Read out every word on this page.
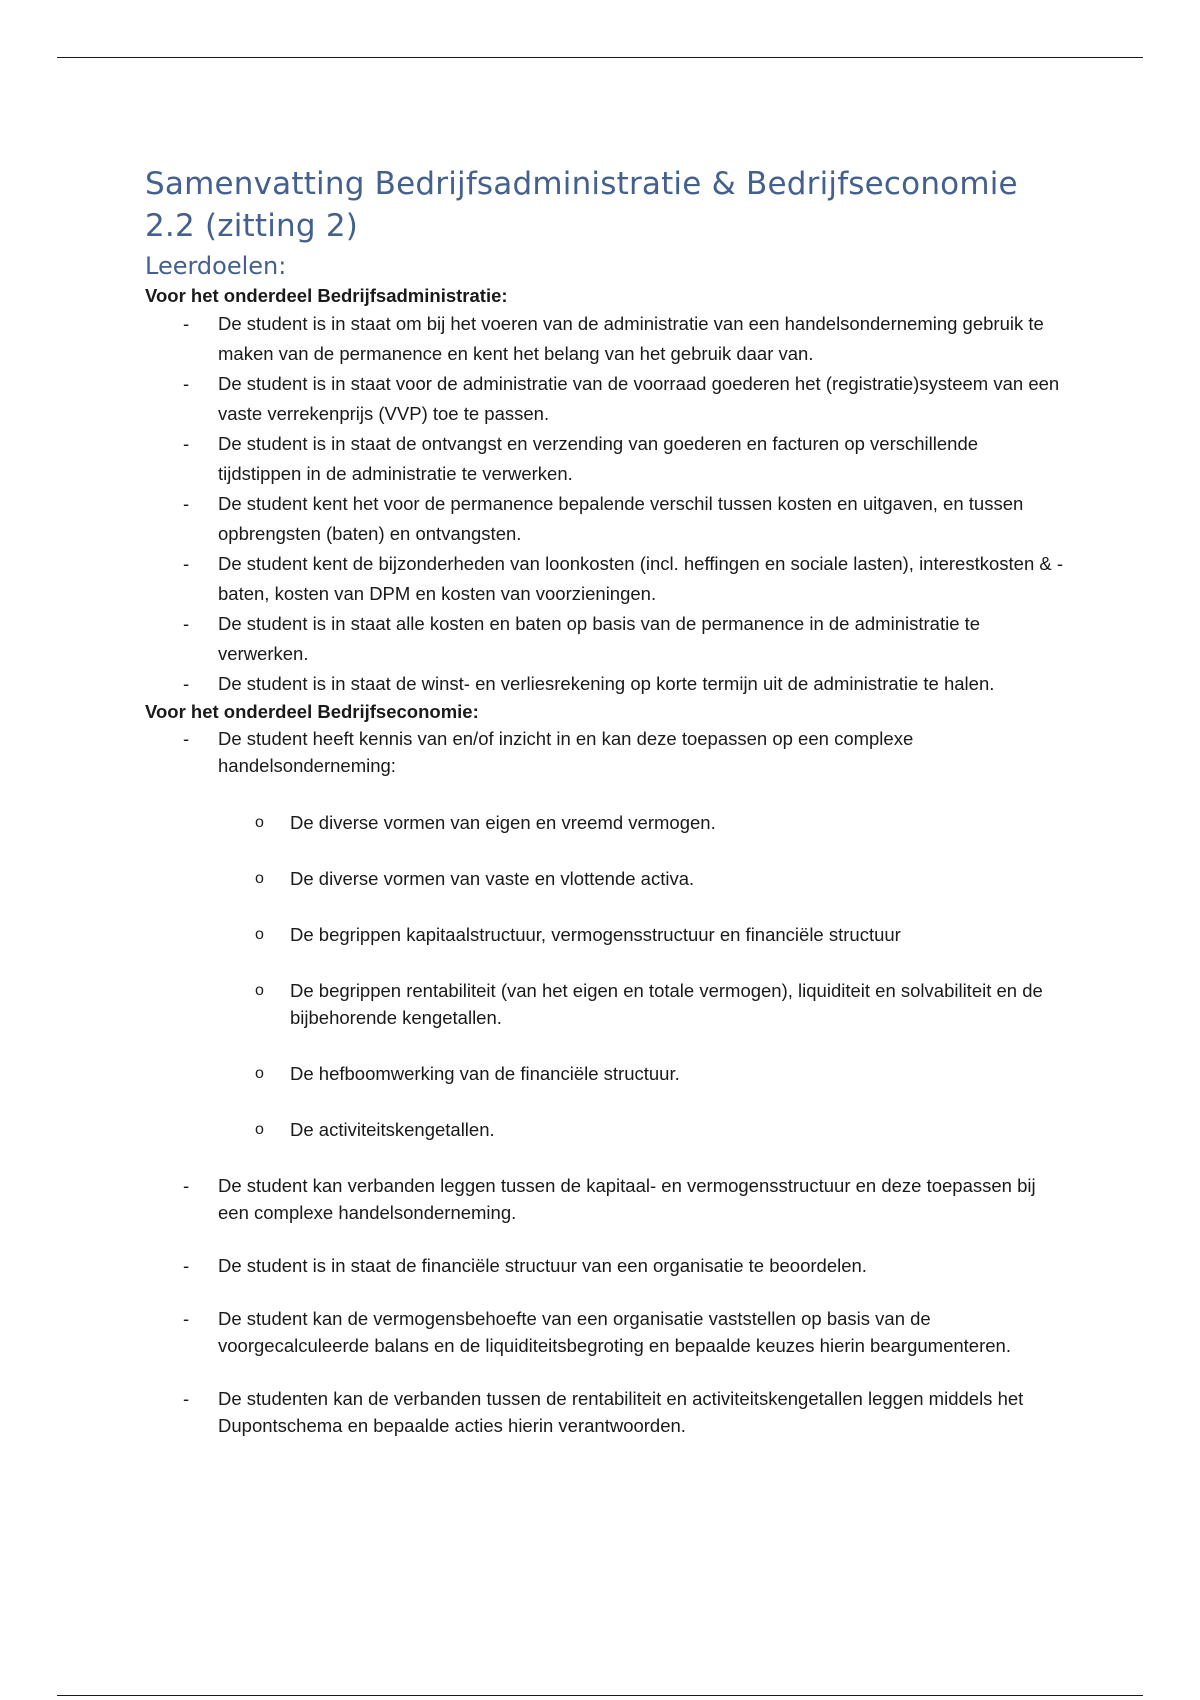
Samenvatting Bedrijfsadministratie & Bedrijfseconomie 2.2 (zitting 2)
Leerdoelen:
Voor het onderdeel Bedrijfsadministratie:
-	De student is in staat om bij het voeren van de administratie van een handelsonderneming gebruik te maken van de permanence en kent het belang van het gebruik daar van.
-	De student is in staat voor de administratie van de voorraad goederen het (registratie)systeem van een vaste verrekenprijs (VVP) toe te passen.
-	De student is in staat de ontvangst en verzending van goederen en facturen op verschillende tijdstippen in de administratie te verwerken.
-	De student kent het voor de permanence bepalende verschil tussen kosten en uitgaven, en tussen opbrengsten (baten) en ontvangsten.
-	De student kent de bijzonderheden van loonkosten (incl. heffingen en sociale lasten), interestkosten & -baten, kosten van DPM en kosten van voorzieningen.
-	De student is in staat alle kosten en baten op basis van de permanence in de administratie te verwerken.
-	De student is in staat de winst- en verliesrekening op korte termijn uit de administratie te halen.
Voor het onderdeel Bedrijfseconomie:
-	De student heeft kennis van en/of inzicht in en kan deze toepassen op een complexe handelsonderneming:
o De diverse vormen van eigen en vreemd vermogen.
o De diverse vormen van vaste en vlottende activa.
o De begrippen kapitaalstructuur, vermogensstructuur en financiële structuur
o De begrippen rentabiliteit (van het eigen en totale vermogen), liquiditeit en solvabiliteit en de bijbehorende kengetallen.
o De hefboomwerking van de financiële structuur.
o De activiteitskengetallen.
-	De student kan verbanden leggen tussen de kapitaal- en vermogensstructuur en deze toepassen bij een complexe handelsonderneming.
-	De student is in staat de financiële structuur van een organisatie te beoordelen.
-	De student kan de vermogensbehoefte van een organisatie vaststellen op basis van de voorgecalculeerde balans en de liquiditeitsbegroting en bepaalde keuzes hierin beargumenteren.
-	De studenten kan de verbanden tussen de rentabiliteit en activiteitskengetallen leggen middels het Dupontschema en bepaalde acties hierin verantwoorden.
